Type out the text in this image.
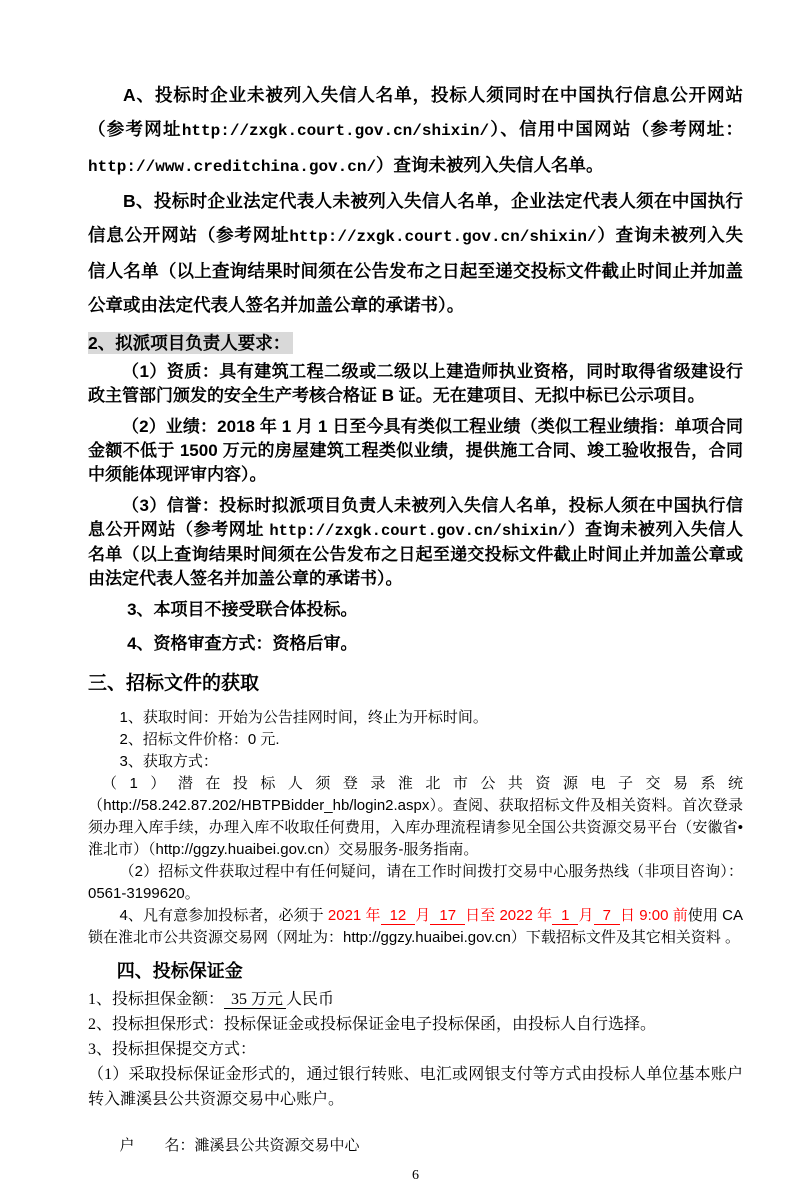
A、投标时企业未被列入失信人名单，投标人须同时在中国执行信息公开网站（参考网址http://zxgk.court.gov.cn/shixin/）、信用中国网站（参考网址：http://www.creditchina.gov.cn/）查询未被列入失信人名单。

B、投标时企业法定代表人未被列入失信人名单，企业法定代表人须在中国执行信息公开网站（参考网址http://zxgk.court.gov.cn/shixin/）查询未被列入失信人名单（以上查询结果时间须在公告发布之日起至递交投标文件截止时间止并加盖公章或由法定代表人签名并加盖公章的承诺书）。

2、拟派项目负责人要求：

（1）资质：具有建筑工程二级或二级以上建造师执业资格，同时取得省级建设行政主管部门颁发的安全生产考核合格证 B 证。无在建项目、无拟中标已公示项目。

（2）业绩：2018 年 1 月 1 日至今具有类似工程业绩（类似工程业绩指：单项合同金额不低于 1500 万元的房屋建筑工程类似业绩，提供施工合同、竣工验收报告，合同中须能体现评审内容）。

（3）信誉：投标时拟派项目负责人未被列入失信人名单，投标人须在中国执行信息公开网站（参考网址 http://zxgk.court.gov.cn/shixin/）查询未被列入失信人名单（以上查询结果时间须在公告发布之日起至递交投标文件截止时间止并加盖公章或由法定代表人签名并加盖公章的承诺书）。

3、本项目不接受联合体投标。

4、资格审查方式：资格后审。

三、招标文件的获取

1、获取时间：开始为公告挂网时间，终止为开标时间。

2、招标文件价格：0 元.

3、获取方式：

（1）潜在投标人须登录淮北市公共资源电子交易系统

（http://58.242.87.202/HBTPBidder_hb/login2.aspx）。查阅、获取招标文件及相关资料。首次登录须办理入库手续，办理入库不收取任何费用，入库办理流程请参见全国公共资源交易平台（安徽省•淮北市）（http://ggzy.huaibei.gov.cn）交易服务-服务指南。

（2）招标文件获取过程中有任何疑问，请在工作时间拨打交易中心服务热线（非项目咨询）：0561-3199620。

4、凡有意参加投标者，必须于 2021 年 12 月 17 日至 2022 年 1 月 7 日 9:00 前使用 CA 锁在淮北市公共资源交易网（网址为：http://ggzy.huaibei.gov.cn）下载招标文件及其它相关资料 。

四、投标保证金

1、投标担保金额： 35 万元 人民币

2、投标担保形式：投标保证金或投标保证金电子投标保函，由投标人自行选择。

3、投标担保提交方式：

（1）采取投标保证金形式的，通过银行转账、电汇或网银支付等方式由投标人单位基本账户转入濉溪县公共资源交易中心账户。

户　　名：濉溪县公共资源交易中心

6
